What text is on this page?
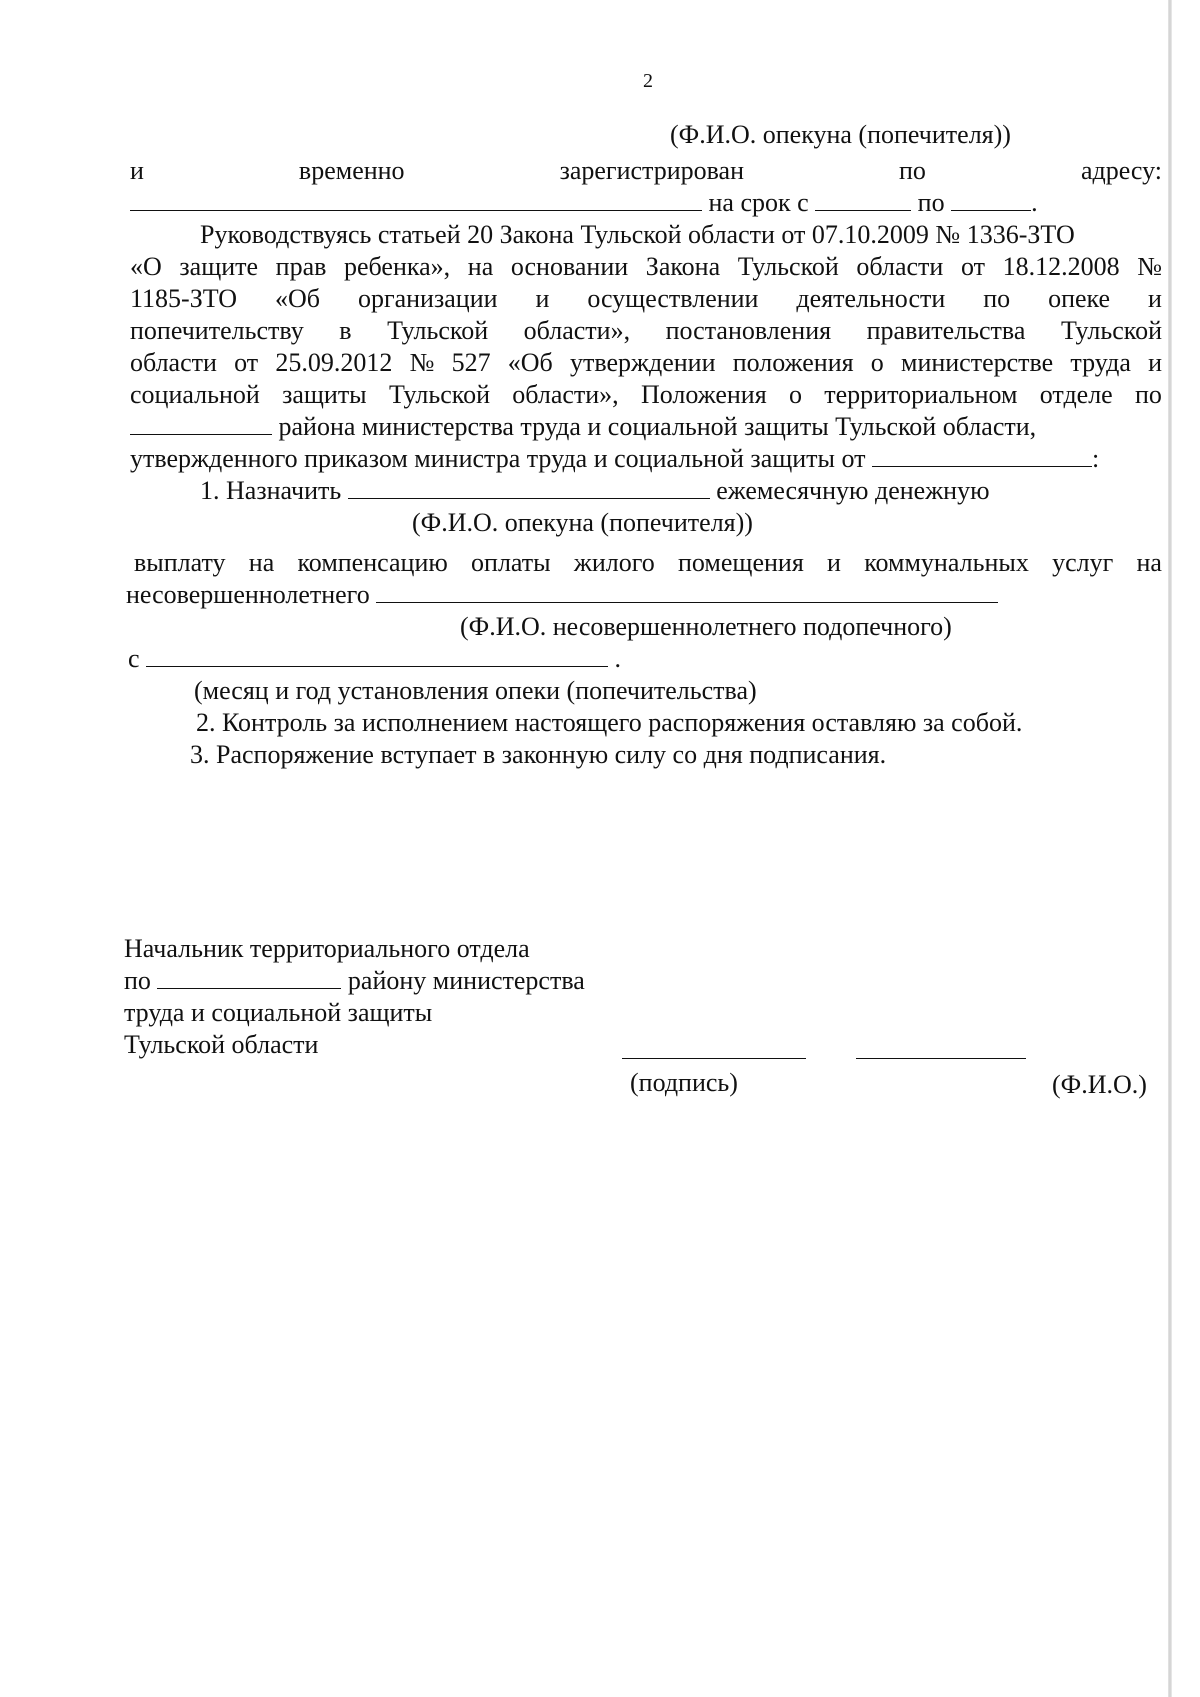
2
(Ф.И.О. опекуна (попечителя))
и	временно	зарегистрирован	по	адресу:
на срок с	по	.
Руководствуясь статьей 20 Закона Тульской области от 07.10.2009 № 1336-ЗТО
«О защите прав ребенка», на основании Закона Тульской области от 18.12.2008 №
1185-ЗТО «Об организации и осуществлении деятельности по опеке и
попечительству в Тульской области», постановления правительства Тульской
области от 25.09.2012 № 527 «Об утверждении положения о министерстве труда и
социальной защиты Тульской области», Положения о территориальном отделе по
района министерства труда и социальной защиты Тульской области,
утвержденного приказом министра труда и социальной защиты от	:
1. Назначить	ежемесячную денежную
(Ф.И.О. опекуна (попечителя))
выплату на компенсацию оплаты жилого помещения и коммунальных услуг на
несовершеннолетнего
(Ф.И.О. несовершеннолетнего подопечного)
с	.
(месяц и год установления опеки (попечительства)
2. Контроль за исполнением настоящего распоряжения оставляю за собой.
3. Распоряжение вступает в законную силу со дня подписания.
Начальник территориального отдела
по	району министерства
труда и социальной защиты
Тульской области
(подпись)	(Ф.И.О.)
